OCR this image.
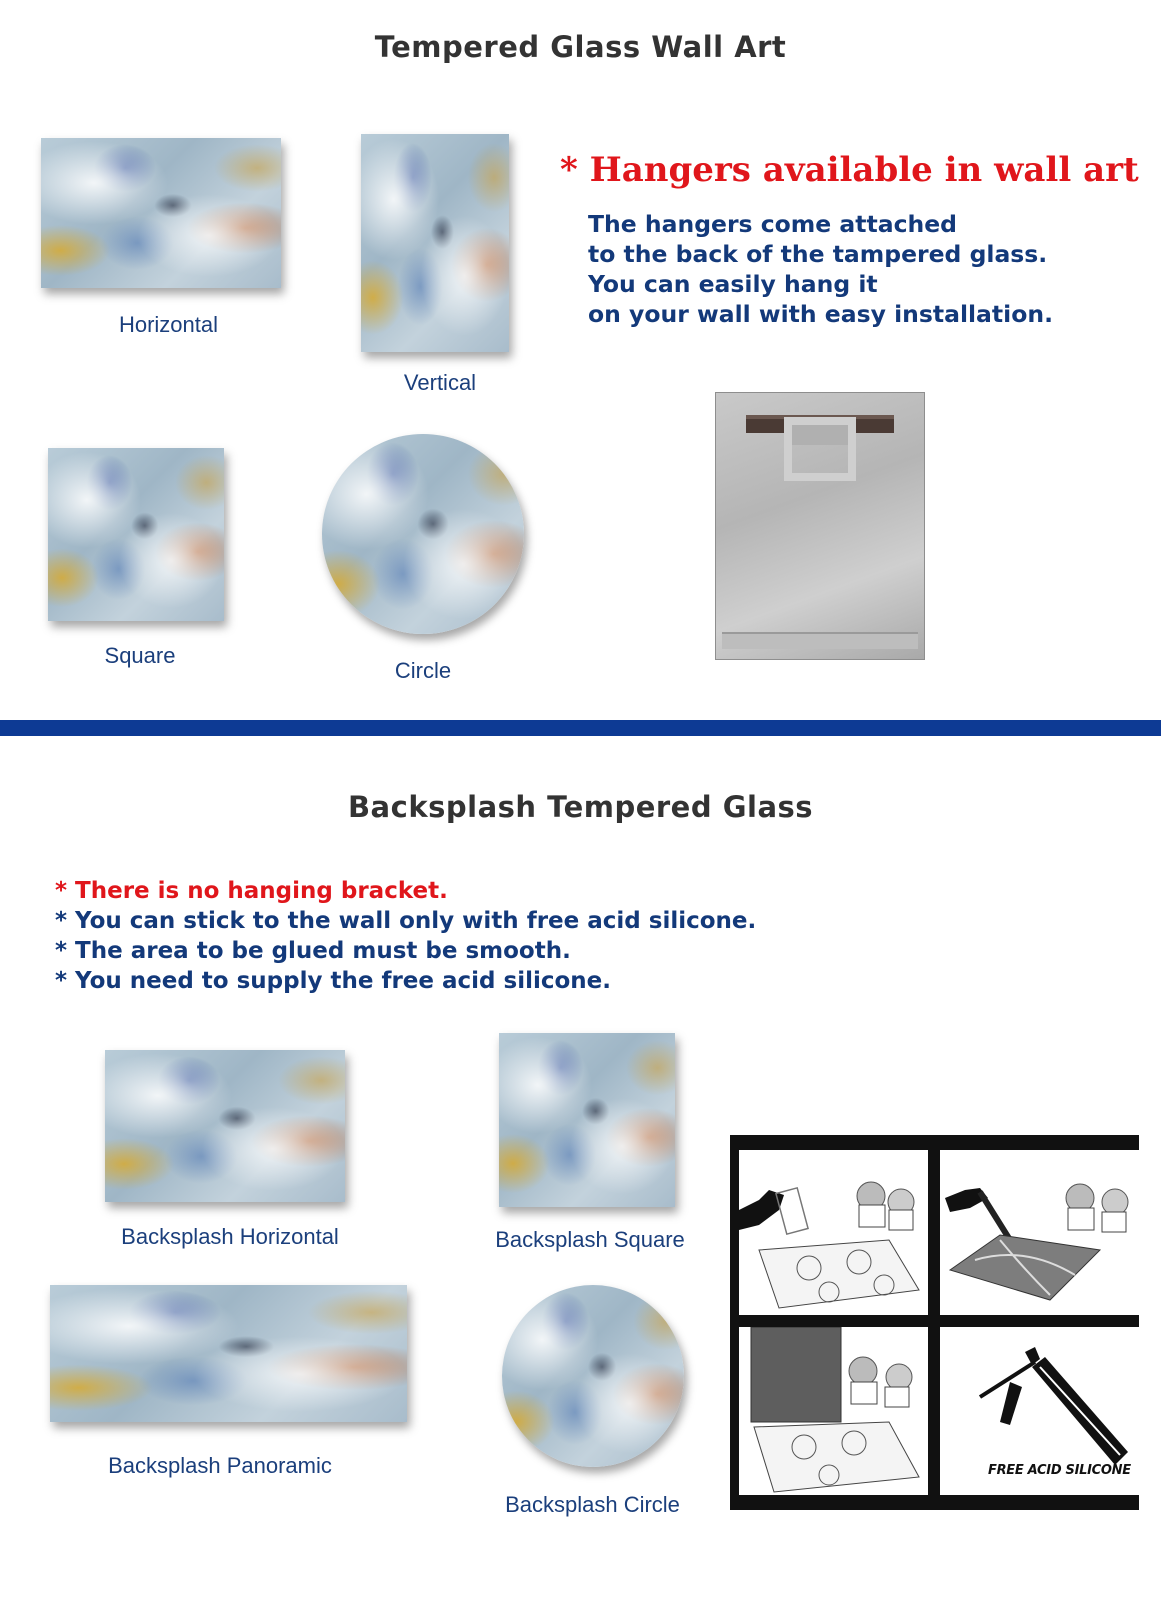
Tempered Glass Wall Art
Horizontal
Vertical
Square
Circle
* Hangers available in wall art
The hangers come attached
to the back of the tampered glass.
You can easily hang it
on your wall with easy installation.
Backsplash Tempered Glass
* There is no hanging bracket.
* You can stick to the wall only with free acid silicone.
* The area to be glued must be smooth.
* You need to supply the free acid silicone.
Backsplash Horizontal	Backsplash Square
Backsplash Panoramic
Backsplash Circle
FREE ACID SILICONE
